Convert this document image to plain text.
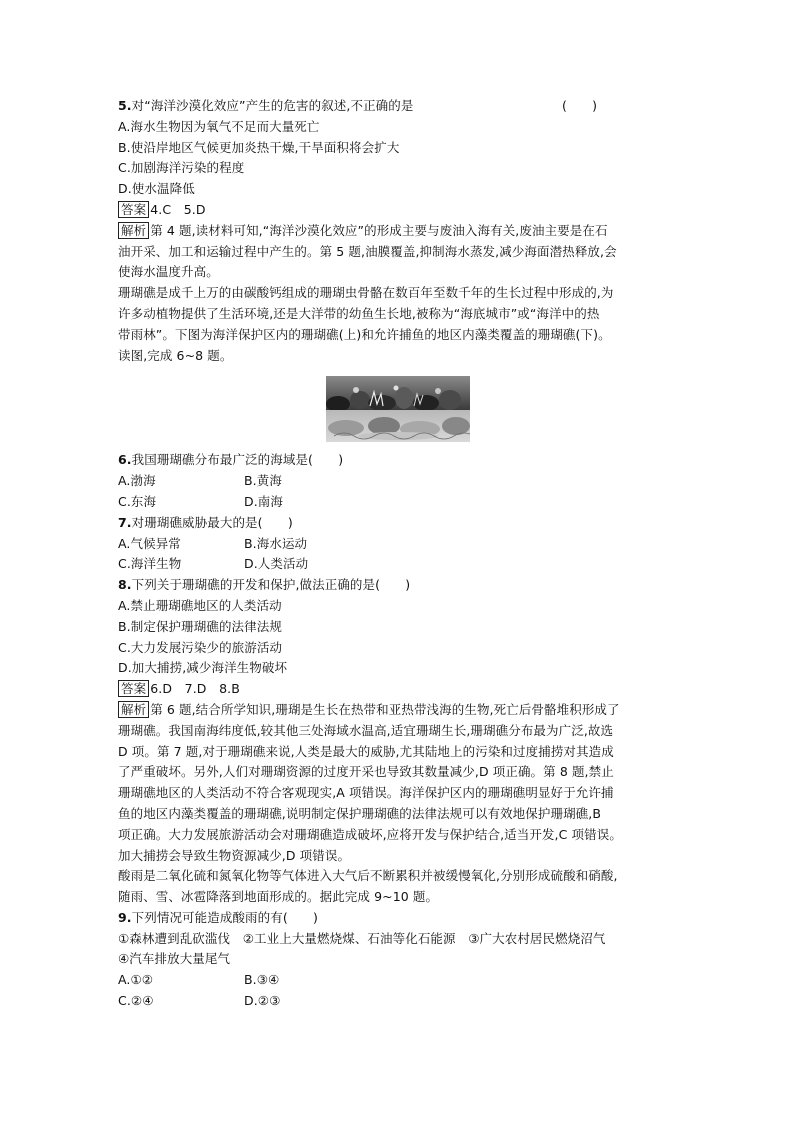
5.对“海洋沙漠化效应”产生的危害的叙述,不正确的是	(　　)
A.海水生物因为氧气不足而大量死亡
B.使沿岸地区气候更加炎热干燥,干旱面积将会扩大
C.加剧海洋污染的程度
D.使水温降低
答案 4.C　5.D
解析 第 4 题,读材料可知,“海洋沙漠化效应”的形成主要与废油入海有关,废油主要是在石
油开采、加工和运输过程中产生的。第 5 题,油膜覆盖,抑制海水蒸发,减少海面潜热释放,会
使海水温度升高。
珊瑚礁是成千上万的由碳酸钙组成的珊瑚虫骨骼在数百年至数千年的生长过程中形成的,为
许多动植物提供了生活环境,还是大洋带的幼鱼生长地,被称为“海底城市”或“海洋中的热
带雨林”。下图为海洋保护区内的珊瑚礁(上)和允许捕鱼的地区内藻类覆盖的珊瑚礁(下)。
读图,完成 6~8 题。
6.我国珊瑚礁分布最广泛的海域是(　　)
A.渤海	B.黄海
C.东海	D.南海
7.对珊瑚礁威胁最大的是(　　)
A.气候异常	B.海水运动
C.海洋生物	D.人类活动
8.下列关于珊瑚礁的开发和保护,做法正确的是(　　)
A.禁止珊瑚礁地区的人类活动
B.制定保护珊瑚礁的法律法规
C.大力发展污染少的旅游活动
D.加大捕捞,减少海洋生物破坏
答案 6.D　7.D　8.B
解析 第 6 题,结合所学知识,珊瑚是生长在热带和亚热带浅海的生物,死亡后骨骼堆积形成了
珊瑚礁。我国南海纬度低,较其他三处海域水温高,适宜珊瑚生长,珊瑚礁分布最为广泛,故选
D 项。第 7 题,对于珊瑚礁来说,人类是最大的威胁,尤其陆地上的污染和过度捕捞对其造成
了严重破坏。另外,人们对珊瑚资源的过度开采也导致其数量减少,D 项正确。第 8 题,禁止
珊瑚礁地区的人类活动不符合客观现实,A 项错误。海洋保护区内的珊瑚礁明显好于允许捕
鱼的地区内藻类覆盖的珊瑚礁,说明制定保护珊瑚礁的法律法规可以有效地保护珊瑚礁,B
项正确。大力发展旅游活动会对珊瑚礁造成破坏,应将开发与保护结合,适当开发,C 项错误。
加大捕捞会导致生物资源减少,D 项错误。
酸雨是二氧化硫和氮氧化物等气体进入大气后不断累积并被缓慢氧化,分别形成硫酸和硝酸,
随雨、雪、冰雹降落到地面形成的。据此完成 9~10 题。
9.下列情况可能造成酸雨的有(　　)
①森林遭到乱砍滥伐　②工业上大量燃烧煤、石油等化石能源　③广大农村居民燃烧沼气
④汽车排放大量尾气
A.①②	B.③④
C.②④	D.②③
